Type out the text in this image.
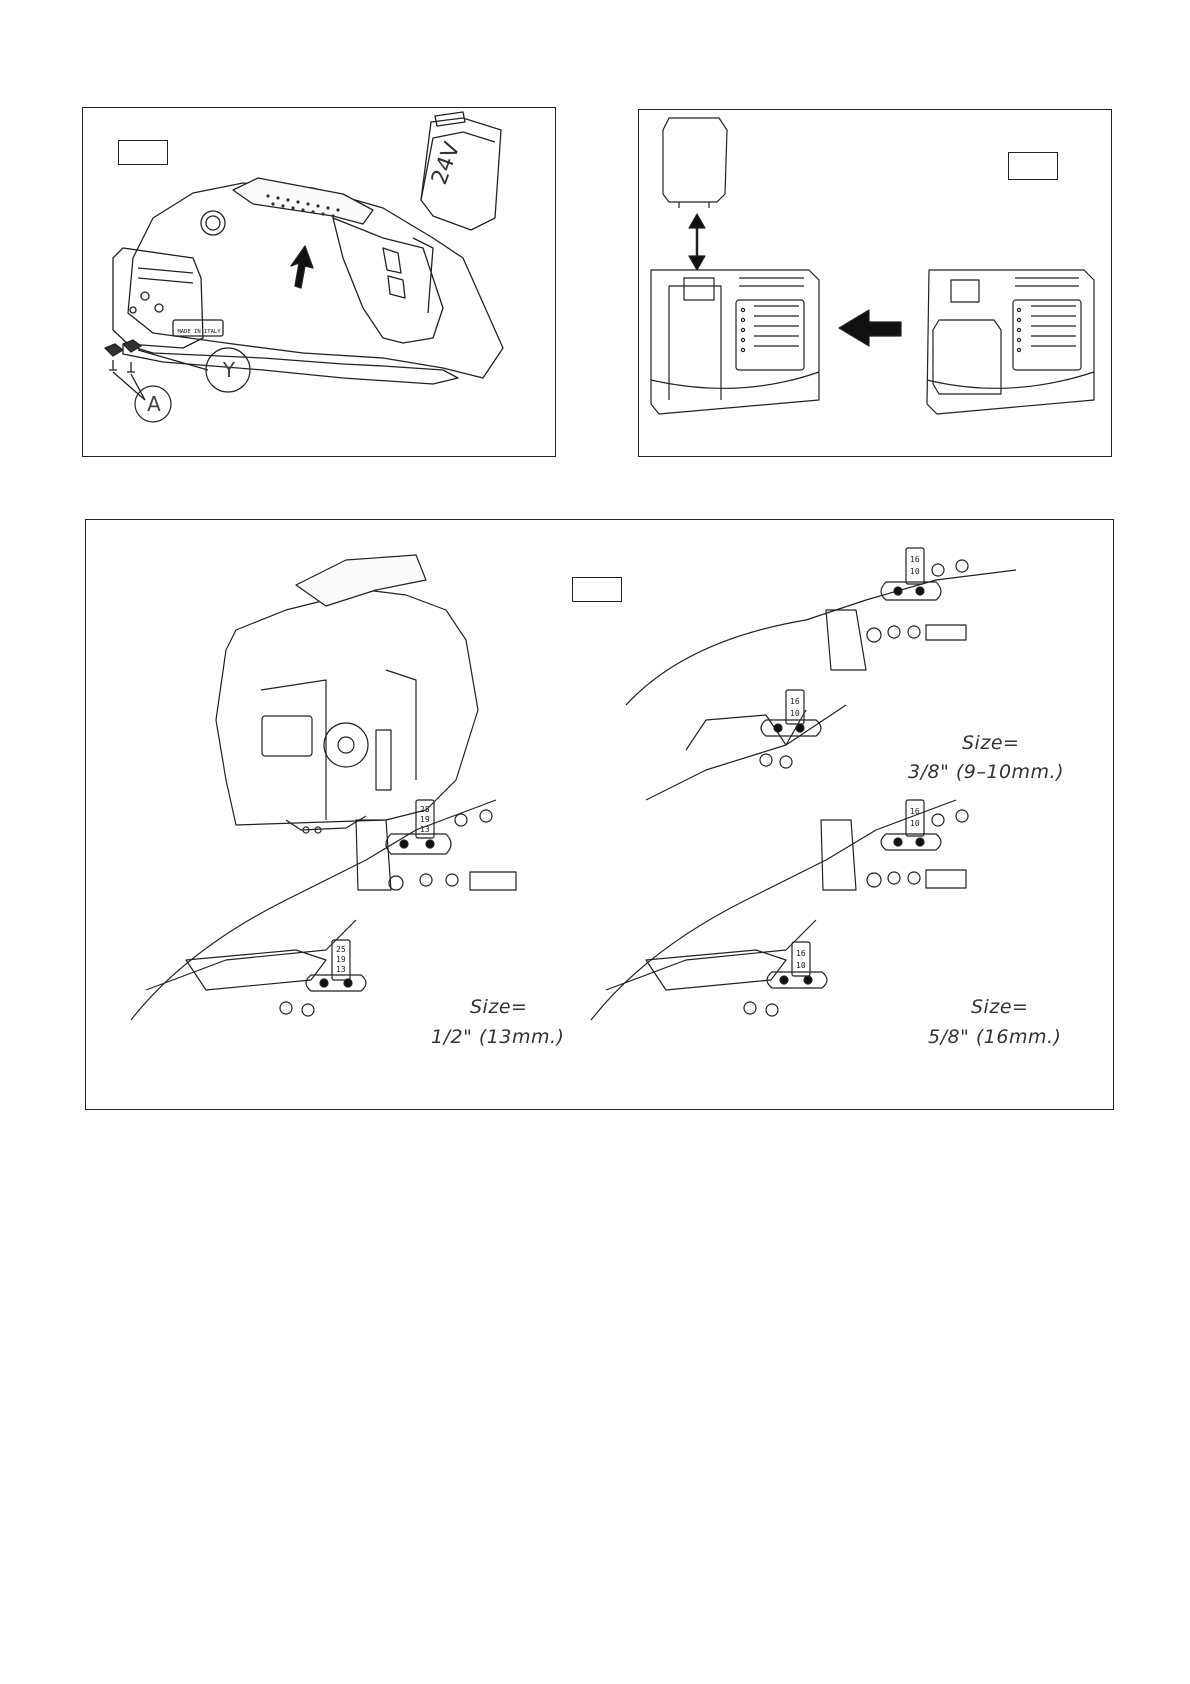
24V
MADE IN ITALY
Y
A
16
10
16
10
25
19
13
25
19
13
16
10
16
10
Size=
3/8" (9–10mm.)
Size=
1/2" (13mm.)
Size=
5/8" (16mm.)
